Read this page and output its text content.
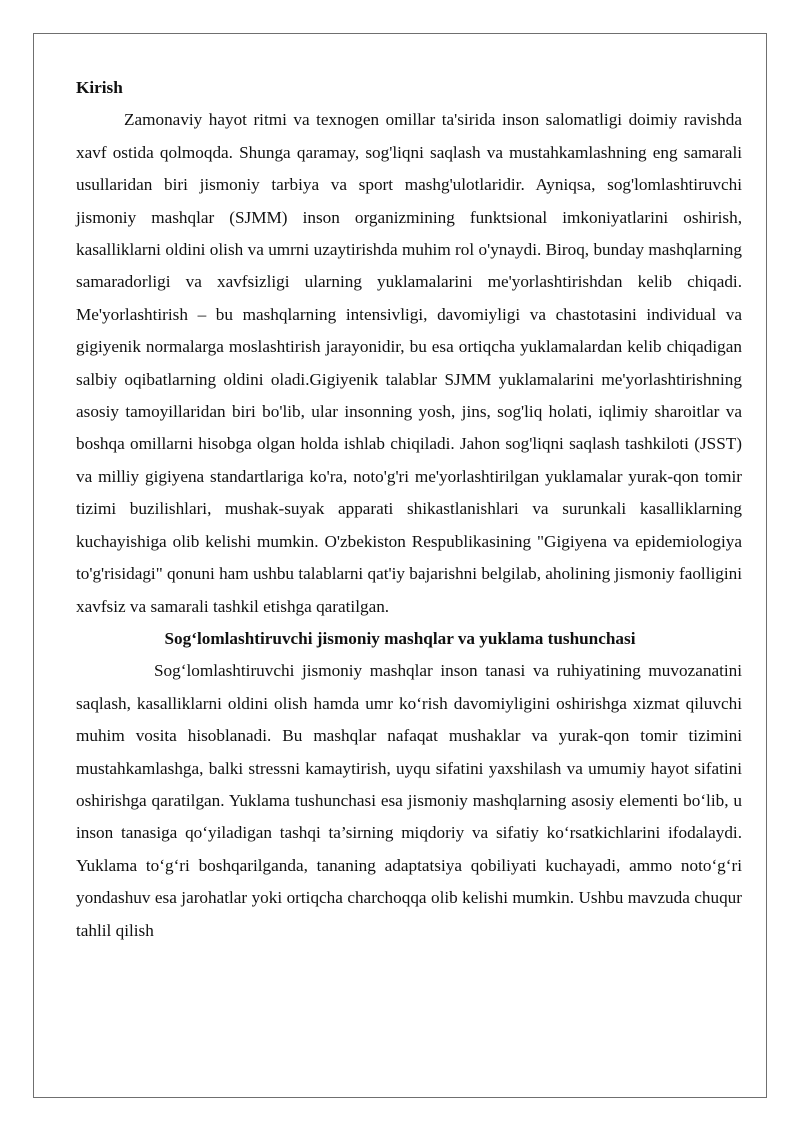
Kirish

Zamonaviy hayot ritmi va texnogen omillar ta'sirida inson salomatligi doimiy ravishda xavf ostida qolmoqda. Shunga qaramay, sog'liqni saqlash va mustahkamlashning eng samarali usullaridan biri jismoniy tarbiya va sport mashg'ulotlaridir. Ayniqsa, sog'lomlashtiruvchi jismoniy mashqlar (SJMM) inson organizmining funktsional imkoniyatlarini oshirish, kasalliklarni oldini olish va umrni uzaytirishda muhim rol o'ynaydi. Biroq, bunday mashqlarning samaradorligi va xavfsizligi ularning yuklamalarini me'yorlashtirishdan kelib chiqadi. Me'yorlashtirish – bu mashqlarning intensivligi, davomiyligi va chastotasini individual va gigiyenik normalarga moslashtirish jarayonidir, bu esa ortiqcha yuklamalardan kelib chiqadigan salbiy oqibatlarning oldini oladi.Gigiyenik talablar SJMM yuklamalarini me'yorlashtirishning asosiy tamoyillaridan biri bo'lib, ular insonning yosh, jins, sog'liq holati, iqlimiy sharoitlar va boshqa omillarni hisobga olgan holda ishlab chiqiladi. Jahon sog'liqni saqlash tashkiloti (JSST) va milliy gigiyena standartlariga ko'ra, noto'g'ri me'yorlashtirilgan yuklamalar yurak-qon tomir tizimi buzilishlari, mushak-suyak apparati shikastlanishlari va surunkali kasalliklarning kuchayishiga olib kelishi mumkin. O'zbekiston Respublikasining "Gigiyena va epidemiologiya to'g'risidagi" qonuni ham ushbu talablarni qat'iy bajarishni belgilab, aholining jismoniy faolligini xavfsiz va samarali tashkil etishga qaratilgan.

Sog‘lomlashtiruvchi jismoniy mashqlar va yuklama tushunchasi

Sog‘lomlashtiruvchi jismoniy mashqlar inson tanasi va ruhiyatining muvozanatini saqlash, kasalliklarni oldini olish hamda umr ko‘rish davomiyligini oshirishga xizmat qiluvchi muhim vosita hisoblanadi. Bu mashqlar nafaqat mushaklar va yurak-qon tomir tizimini mustahkamlashga, balki stressni kamaytirish, uyqu sifatini yaxshilash va umumiy hayot sifatini oshirishga qaratilgan. Yuklama tushunchasi esa jismoniy mashqlarning asosiy elementi bo‘lib, u inson tanasiga qo‘yiladigan tashqi ta’sirning miqdoriy va sifatiy ko‘rsatkichlarini ifodalaydi. Yuklama to‘g‘ri boshqarilganda, tananing adaptatsiya qobiliyati kuchayadi, ammo noto‘g‘ri yondashuv esa jarohatlar yoki ortiqcha charchoqqa olib kelishi mumkin. Ushbu mavzuda chuqur tahlil qilish
